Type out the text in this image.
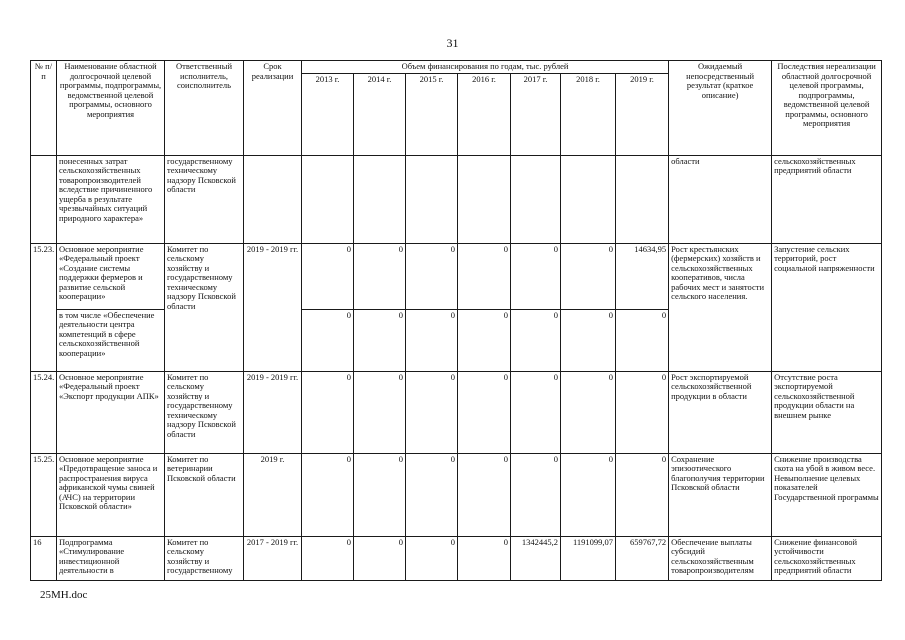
31
№ п/п	Наименование областной долгосрочной целевой программы, подпрограммы, ведомственной целевой программы, основного мероприятия	Ответственный исполнитель, соисполнитель	Срок реализации	Объем финансирования по годам, тыс. рублей							Ожидаемый непосредственный результат (краткое описание)	Последствия нереализации областной долгосрочной целевой программы, подпрограммы, ведомственной целевой программы, основного мероприятия
				2013 г.	2014 г.	2015 г.	2016 г.	2017 г.	2018 г.	2019 г.		
	понесенных затрат сельскохозяйственных товаропроизводителей вследствие причиненного ущерба в результате чрезвычайных ситуаций природного характера»	государственному техническому надзору Псковской области									области	сельскохозяйственных предприятий области
15.23.	Основное мероприятие «Федеральный проект «Создание системы поддержки фермеров и развитие сельской кооперации»	Комитет по сельскому хозяйству и государственному техническому надзору Псковской области	2019 - 2019 гг.	0	0	0	0	0	0	14634,95	Рост крестьянских (фермерских) хозяйств и сельскохозяйственных кооперативов, числа рабочих мест и занятости сельского населения.	Запустение сельских территорий, рост социальной напряженности
	в том числе «Обеспечение деятельности центра компетенций в сфере сельскохозяйственной кооперации»			0	0	0	0	0	0	0		
15.24.	Основное мероприятие «Федеральный проект «Экспорт продукции АПК»	Комитет по сельскому хозяйству и государственному техническому надзору Псковской области	2019 - 2019 гг.	0	0	0	0	0	0	0	Рост экспортируемой сельскохозяйственной продукции в области	Отсутствие роста экспортируемой сельскохозяйственной продукции области на внешнем рынке
15.25.	Основное мероприятие «Предотвращение заноса и распространения вируса африканской чумы свиней (АЧС) на территории Псковской области»	Комитет по ветеринарии Псковской области	2019 г.	0	0	0	0	0	0	0	Сохранение эпизоотического благополучия территории Псковской области	Снижение производства скота на убой в живом весе. Невыполнение целевых показателей Государственной программы
16	Подпрограмма «Стимулирование инвестиционной деятельности в	Комитет по сельскому хозяйству и государственному	2017 - 2019 гг.	0	0	0	0	1342445,2	1191099,07	659767,72	Обеспечение выплаты субсидий сельскохозяйственным товаропроизводителям	Снижение финансовой устойчивости сельскохозяйственных предприятий области
25MH.doc
